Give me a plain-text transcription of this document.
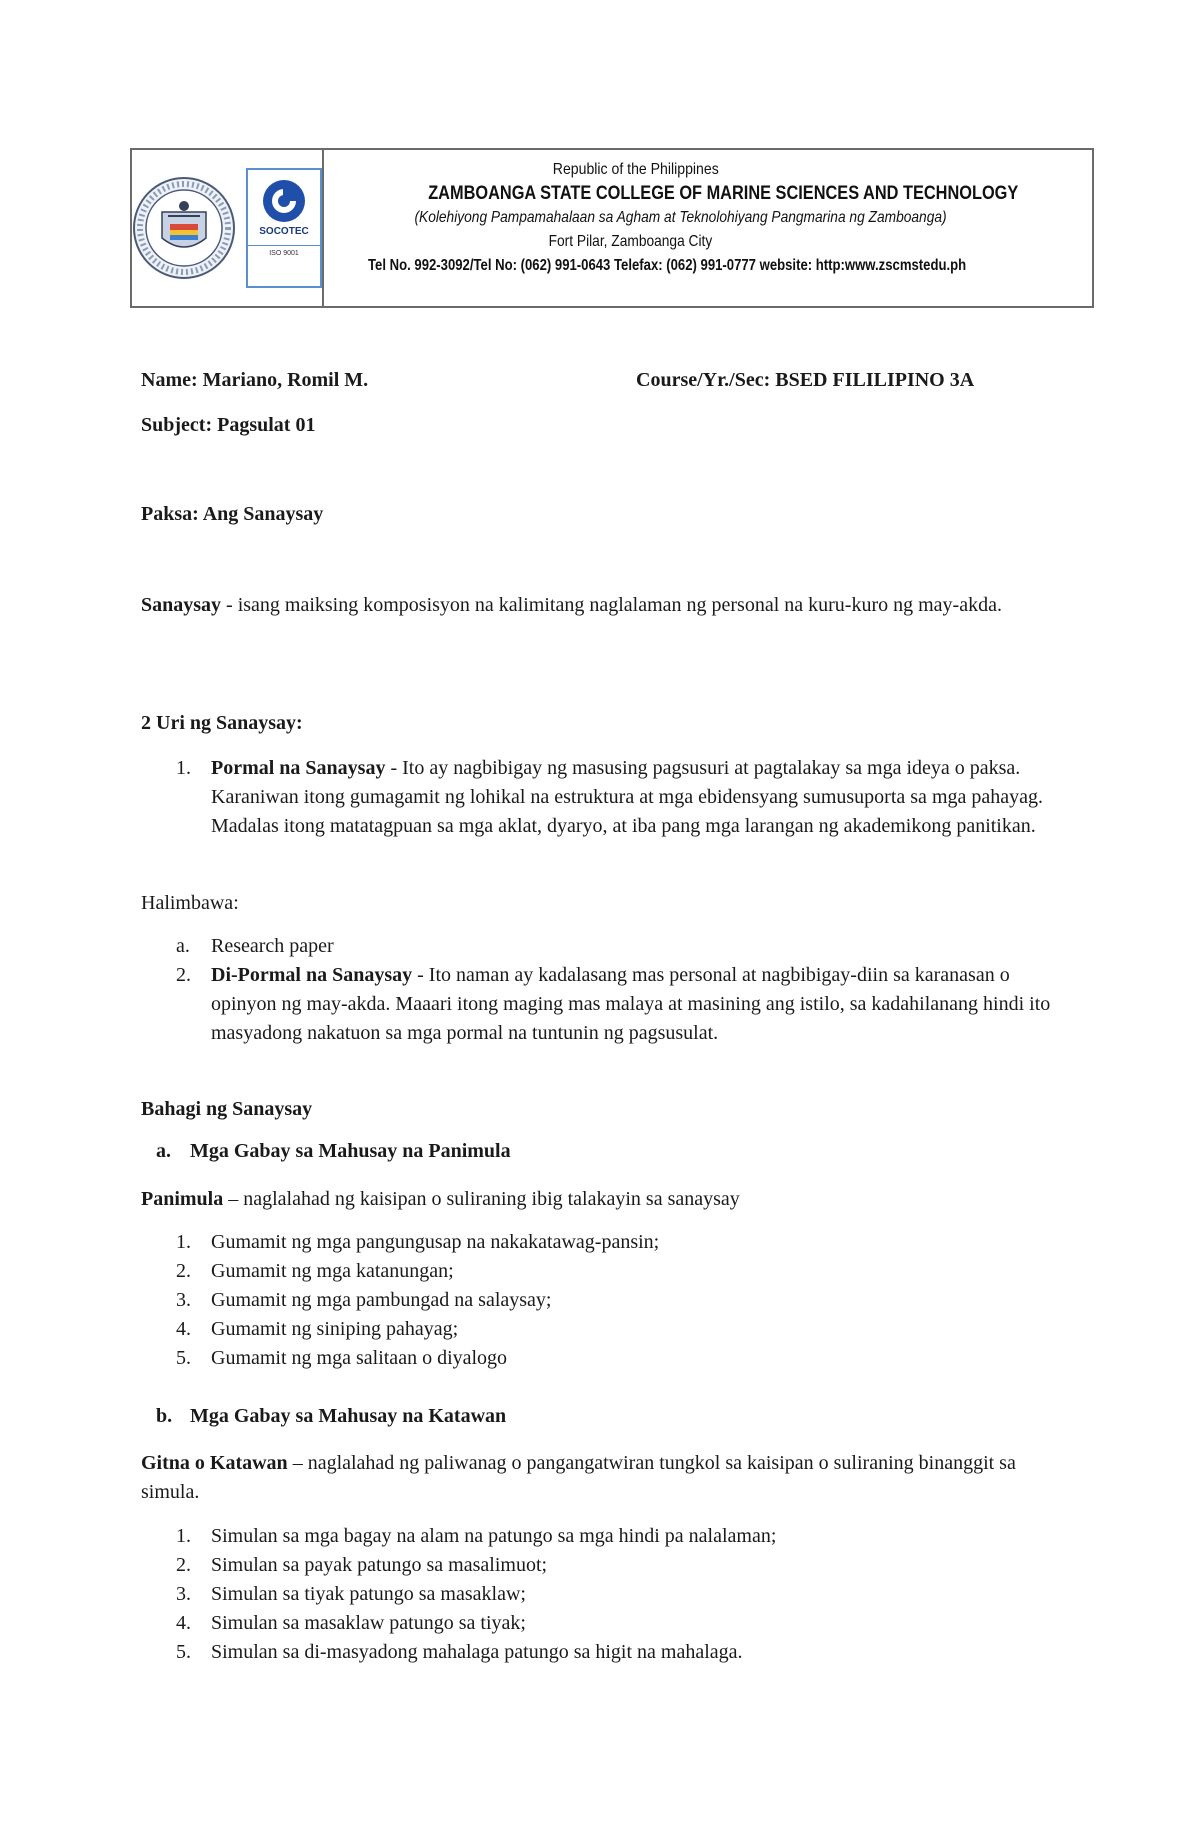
SOCOTEC
ISO 9001
Republic of the Philippines
ZAMBOANGA STATE COLLEGE OF MARINE SCIENCES AND TECHNOLOGY
(Kolehiyong Pampamahalaan sa Agham at Teknolohiyang Pangmarina ng Zamboanga)
Fort Pilar, Zamboanga City
Tel No. 992-3092/Tel No: (062) 991-0643 Telefax: (062) 991-0777 website: http:www.zscmstedu.ph
Name: Mariano, Romil M.	Course/Yr./Sec: BSED FILILIPINO 3A
Subject: Pagsulat 01
Paksa: Ang Sanaysay
Sanaysay - isang maiksing komposisyon na kalimitang naglalaman ng personal na kuru-kuro ng may-akda.
2 Uri ng Sanaysay:
1. Pormal na Sanaysay - Ito ay nagbibigay ng masusing pagsusuri at pagtalakay sa mga ideya o paksa. Karaniwan itong gumagamit ng lohikal na estruktura at mga ebidensyang sumusuporta sa mga pahayag. Madalas itong matatagpuan sa mga aklat, dyaryo, at iba pang mga larangan ng akademikong panitikan.
Halimbawa:
a. Research paper
2. Di-Pormal na Sanaysay - Ito naman ay kadalasang mas personal at nagbibigay-diin sa karanasan o opinyon ng may-akda. Maaari itong maging mas malaya at masining ang istilo, sa kadahilanang hindi ito masyadong nakatuon sa mga pormal na tuntunin ng pagsusulat.
Bahagi ng Sanaysay
a. Mga Gabay sa Mahusay na Panimula
Panimula – naglalahad ng kaisipan o suliraning ibig talakayin sa sanaysay
1. Gumamit ng mga pangungusap na nakakatawag-pansin;
2. Gumamit ng mga katanungan;
3. Gumamit ng mga pambungad na salaysay;
4. Gumamit ng siniping pahayag;
5. Gumamit ng mga salitaan o diyalogo
b. Mga Gabay sa Mahusay na Katawan
Gitna o Katawan – naglalahad ng paliwanag o pangangatwiran tungkol sa kaisipan o suliraning binanggit sa simula.
1. Simulan sa mga bagay na alam na patungo sa mga hindi pa nalalaman;
2. Simulan sa payak patungo sa masalimuot;
3. Simulan sa tiyak patungo sa masaklaw;
4. Simulan sa masaklaw patungo sa tiyak;
5. Simulan sa di-masyadong mahalaga patungo sa higit na mahalaga.
